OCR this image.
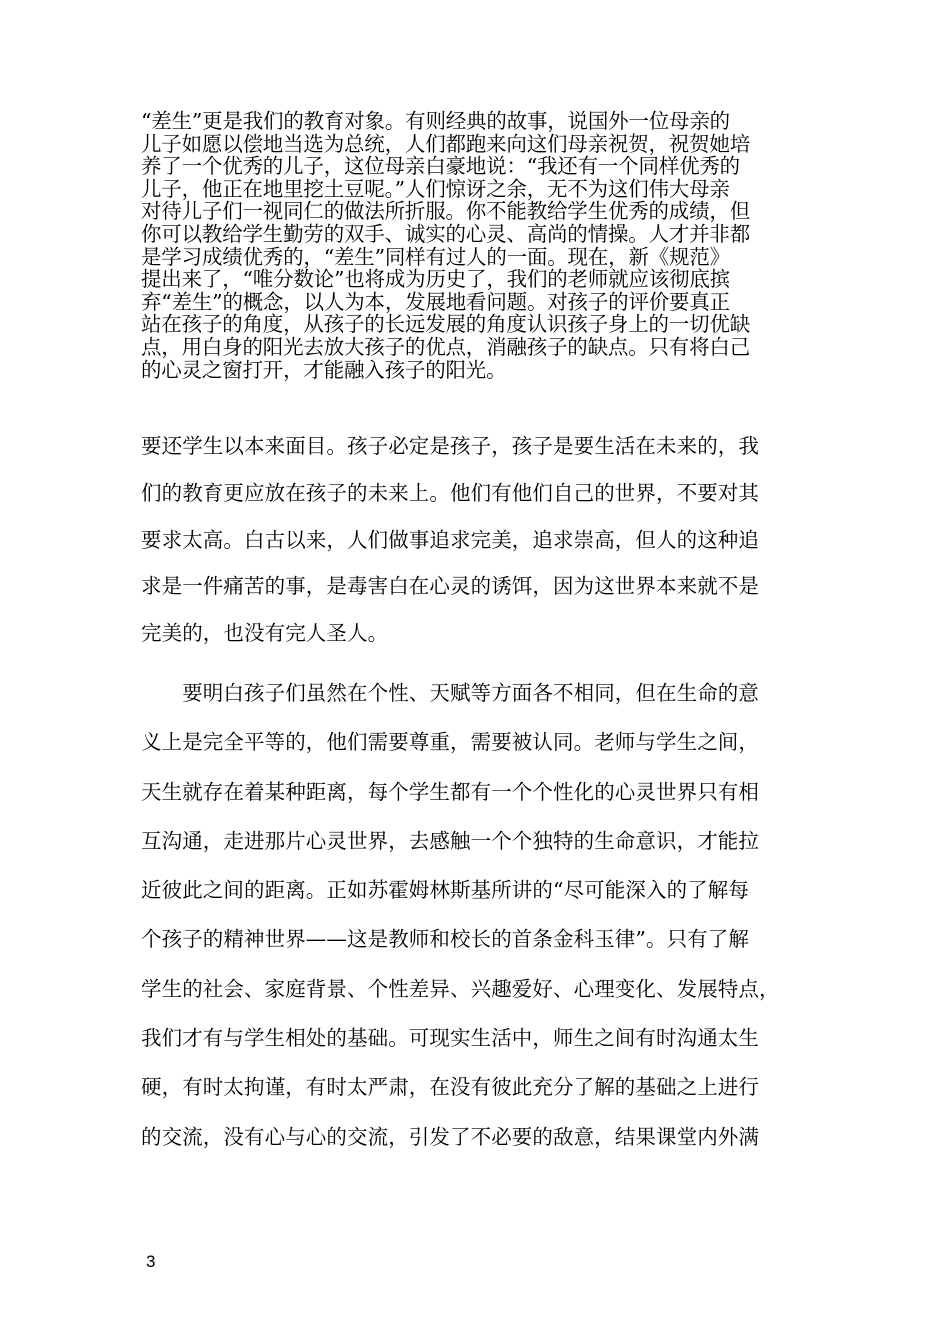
“差生”更是我们的教育对象。有则经典的故事，说国外一位母亲的
儿子如愿以偿地当选为总统，人们都跑来向这们母亲祝贺，祝贺她培
养了一个优秀的儿子，这位母亲白豪地说：“我还有一个同样优秀的
儿子，他正在地里挖土豆呢。”人们惊讶之余，无不为这们伟大母亲
对待儿子们一视同仁的做法所折服。你不能教给学生优秀的成绩，但
你可以教给学生勤劳的双手、诚实的心灵、高尚的情操。人才并非都
是学习成绩优秀的，“差生”同样有过人的一面。现在，新《规范》
提出来了，“唯分数论”也将成为历史了，我们的老师就应该彻底摈
弃“差生”的概念，以人为本，发展地看问题。对孩子的评价要真正
站在孩子的角度，从孩子的长远发展的角度认识孩子身上的一切优缺
点，用白身的阳光去放大孩子的优点，消融孩子的缺点。只有将白己
的心灵之窗打开，才能融入孩子的阳光。
要还学生以本来面目。孩子必定是孩子，孩子是要生活在未来的，我
们的教育更应放在孩子的未来上。他们有他们自己的世界，不要对其
要求太高。白古以来，人们做事追求完美，追求崇高，但人的这种追
求是一件痛苦的事，是毒害白在心灵的诱饵，因为这世界本来就不是
完美的，也没有完人圣人。
　　要明白孩子们虽然在个性、天赋等方面各不相同，但在生命的意
义上是完全平等的，他们需要尊重，需要被认同。老师与学生之间，
天生就存在着某种距离，每个学生都有一个个性化的心灵世界只有相
互沟通，走进那片心灵世界，去感触一个个独特的生命意识，才能拉
近彼此之间的距离。正如苏霍姆林斯基所讲的“尽可能深入的了解每
个孩子的精神世界——这是教师和校长的首条金科玉律”。只有了解
学生的社会、家庭背景、个性差异、兴趣爱好、心理变化、发展特点，
我们才有与学生相处的基础。可现实生活中，师生之间有时沟通太生
硬，有时太拘谨，有时太严肃，在没有彼此充分了解的基础之上进行
的交流，没有心与心的交流，引发了不必要的敌意，结果课堂内外满
3
